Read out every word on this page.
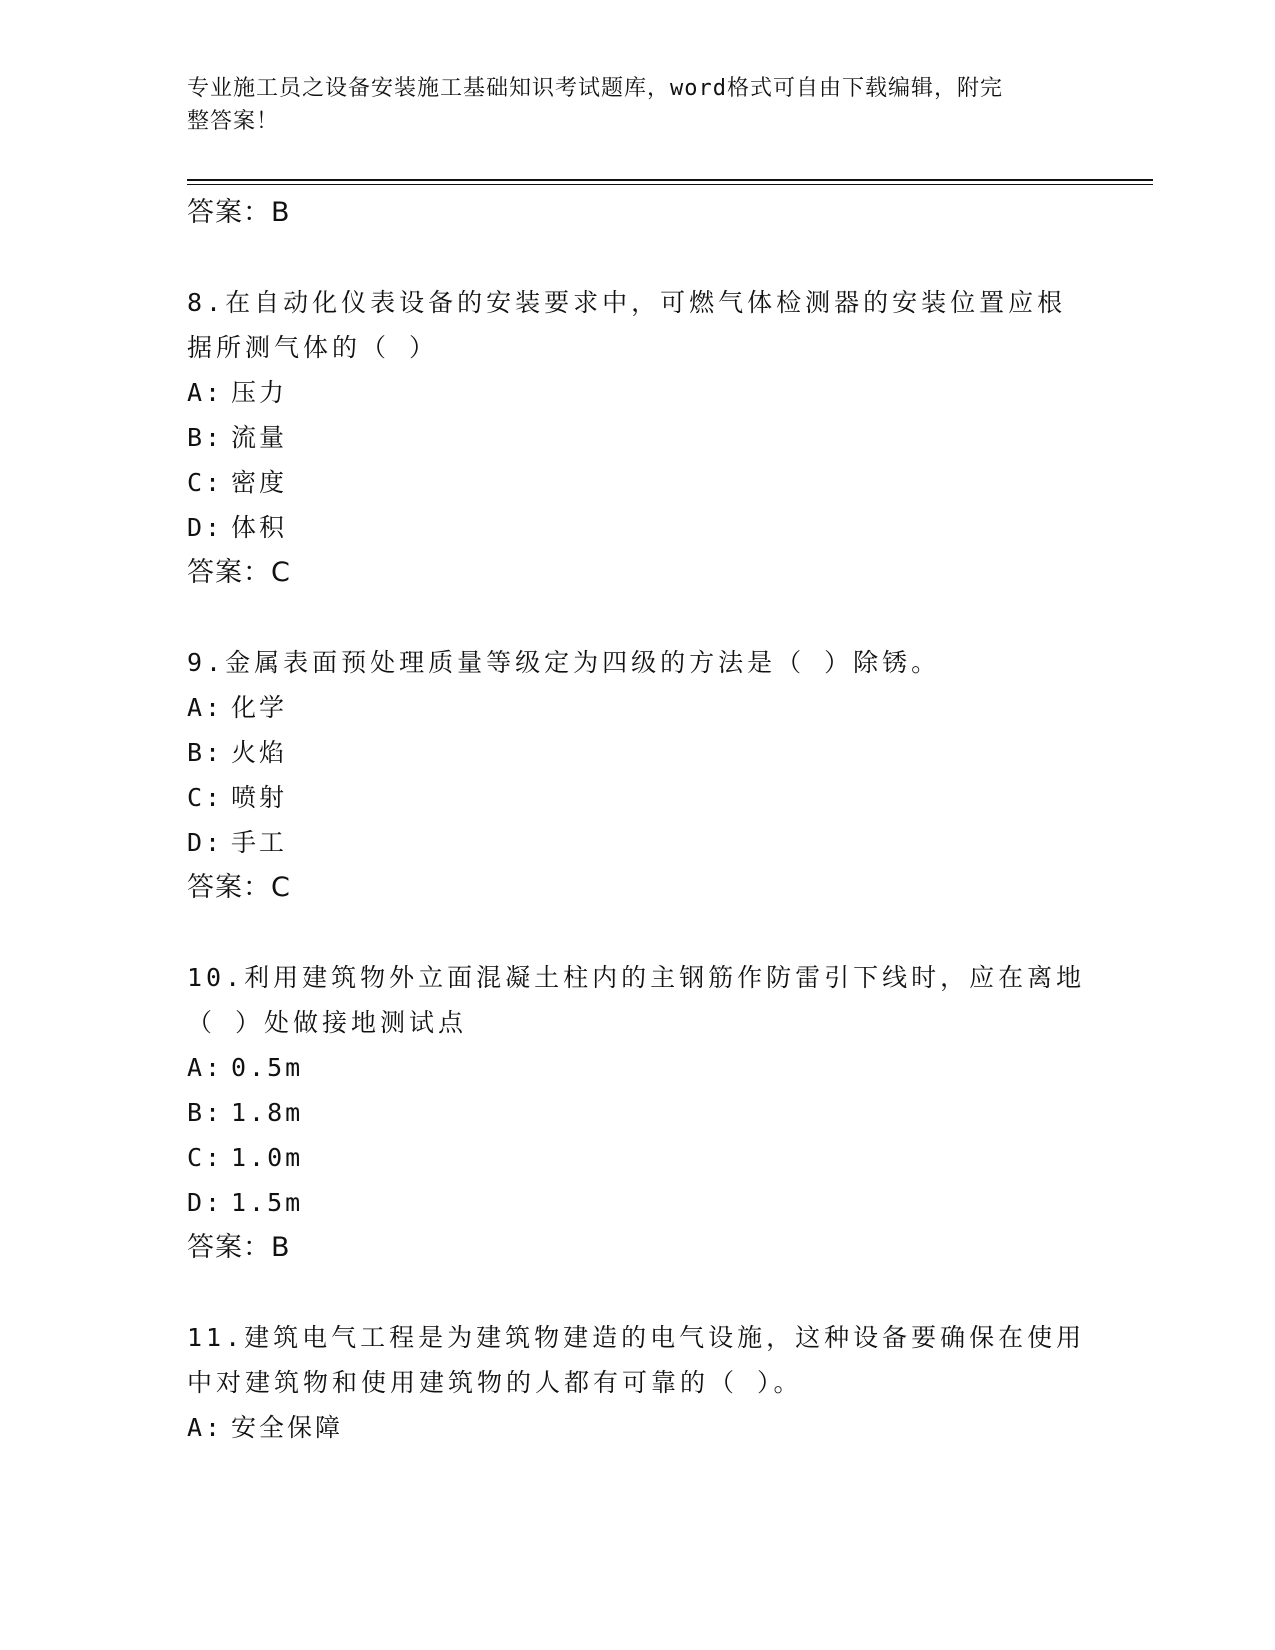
专业施工员之设备安装施工基础知识考试题库，word格式可自由下载编辑，附完
整答案！
答案：B
8.在自动化仪表设备的安装要求中，可燃气体检测器的安装位置应根据所测气体的（ ）
A: 压力
B: 流量
C: 密度
D: 体积
答案：C
9.金属表面预处理质量等级定为四级的方法是（ ）除锈。
A: 化学
B: 火焰
C: 喷射
D: 手工
答案：C
10.利用建筑物外立面混凝土柱内的主钢筋作防雷引下线时，应在离地（ ）处做接地测试点
A: 0.5m
B: 1.8m
C: 1.0m
D: 1.5m
答案：B
11.建筑电气工程是为建筑物建造的电气设施，这种设备要确保在使用中对建筑物和使用建筑物的人都有可靠的（ ）。
A: 安全保障
